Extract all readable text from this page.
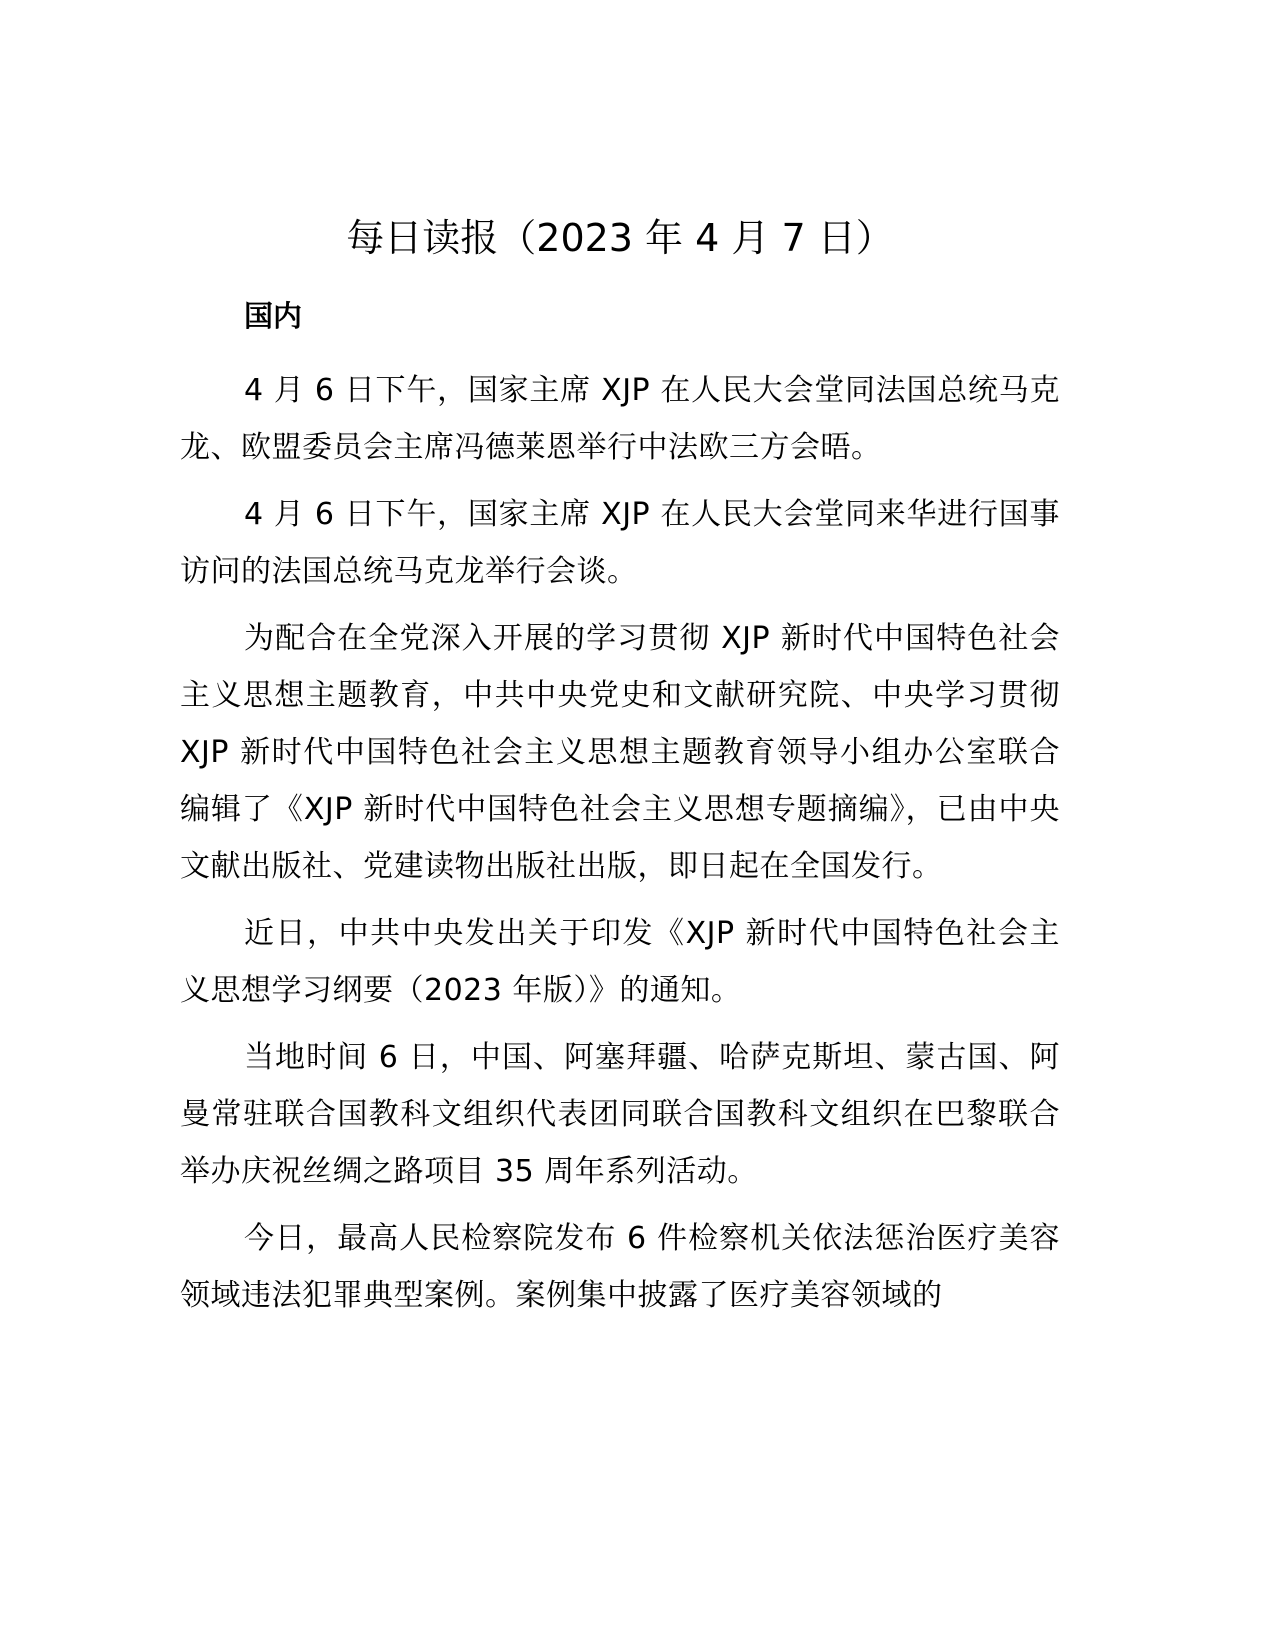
每日读报（2023 年 4 月 7 日）
国内

4 月 6 日下午，国家主席 XJP 在人民大会堂同法国总统马克龙、欧盟委员会主席冯德莱恩举行中法欧三方会晤。

4 月 6 日下午，国家主席 XJP 在人民大会堂同来华进行国事访问的法国总统马克龙举行会谈。

为配合在全党深入开展的学习贯彻 XJP 新时代中国特色社会主义思想主题教育，中共中央党史和文献研究院、中央学习贯彻 XJP 新时代中国特色社会主义思想主题教育领导小组办公室联合编辑了《XJP 新时代中国特色社会主义思想专题摘编》，已由中央文献出版社、党建读物出版社出版，即日起在全国发行。

近日，中共中央发出关于印发《XJP 新时代中国特色社会主义思想学习纲要（2023 年版）》的通知。

当地时间 6 日，中国、阿塞拜疆、哈萨克斯坦、蒙古国、阿曼常驻联合国教科文组织代表团同联合国教科文组织在巴黎联合举办庆祝丝绸之路项目 35 周年系列活动。

今日，最高人民检察院发布 6 件检察机关依法惩治医疗美容领域违法犯罪典型案例。案例集中披露了医疗美容领域的
